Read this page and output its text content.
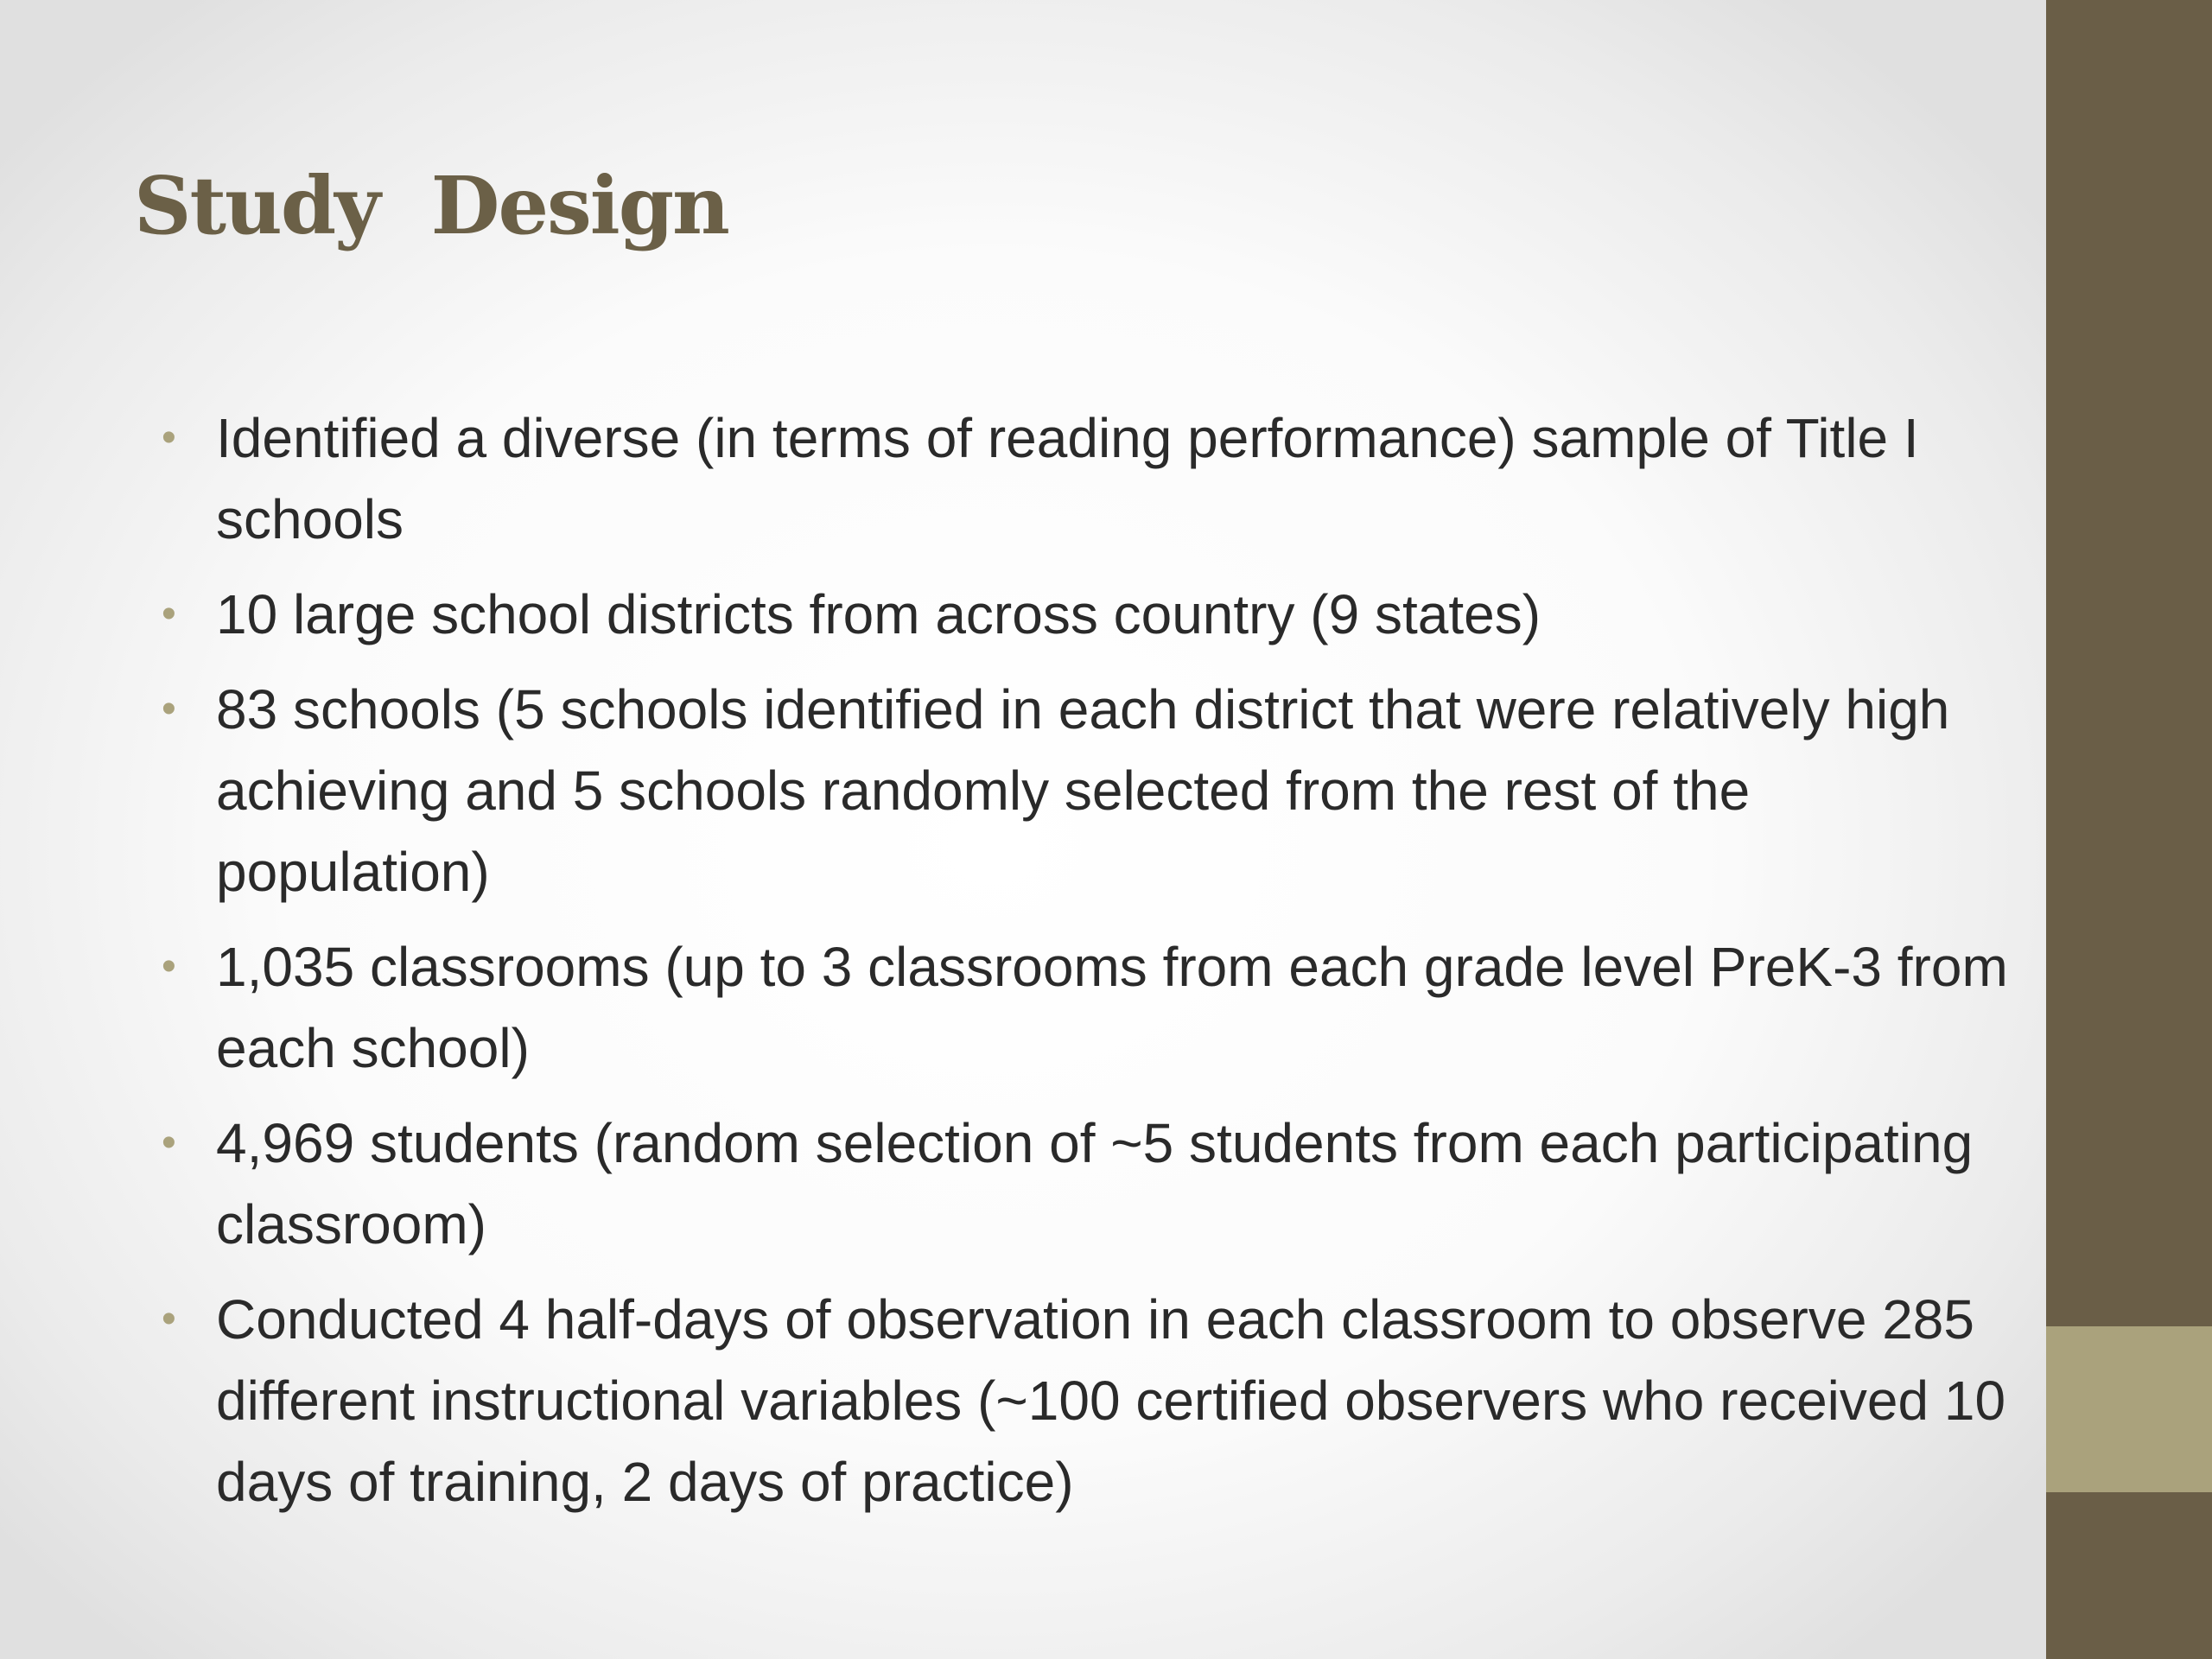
Study  Design
• Identified a diverse (in terms of reading performance) sample of Title I schools
• 10 large school districts from across country (9 states)
• 83 schools (5 schools identified in each district that were relatively high achieving and 5 schools randomly selected from the rest of the population)
• 1,035 classrooms (up to 3 classrooms from each grade level PreK-3 from each school)
• 4,969 students (random selection of ~5 students from each participating classroom)
• Conducted 4 half-days of observation in each classroom to observe 285 different instructional variables (~100 certified observers who received 10 days of training, 2 days of practice)
